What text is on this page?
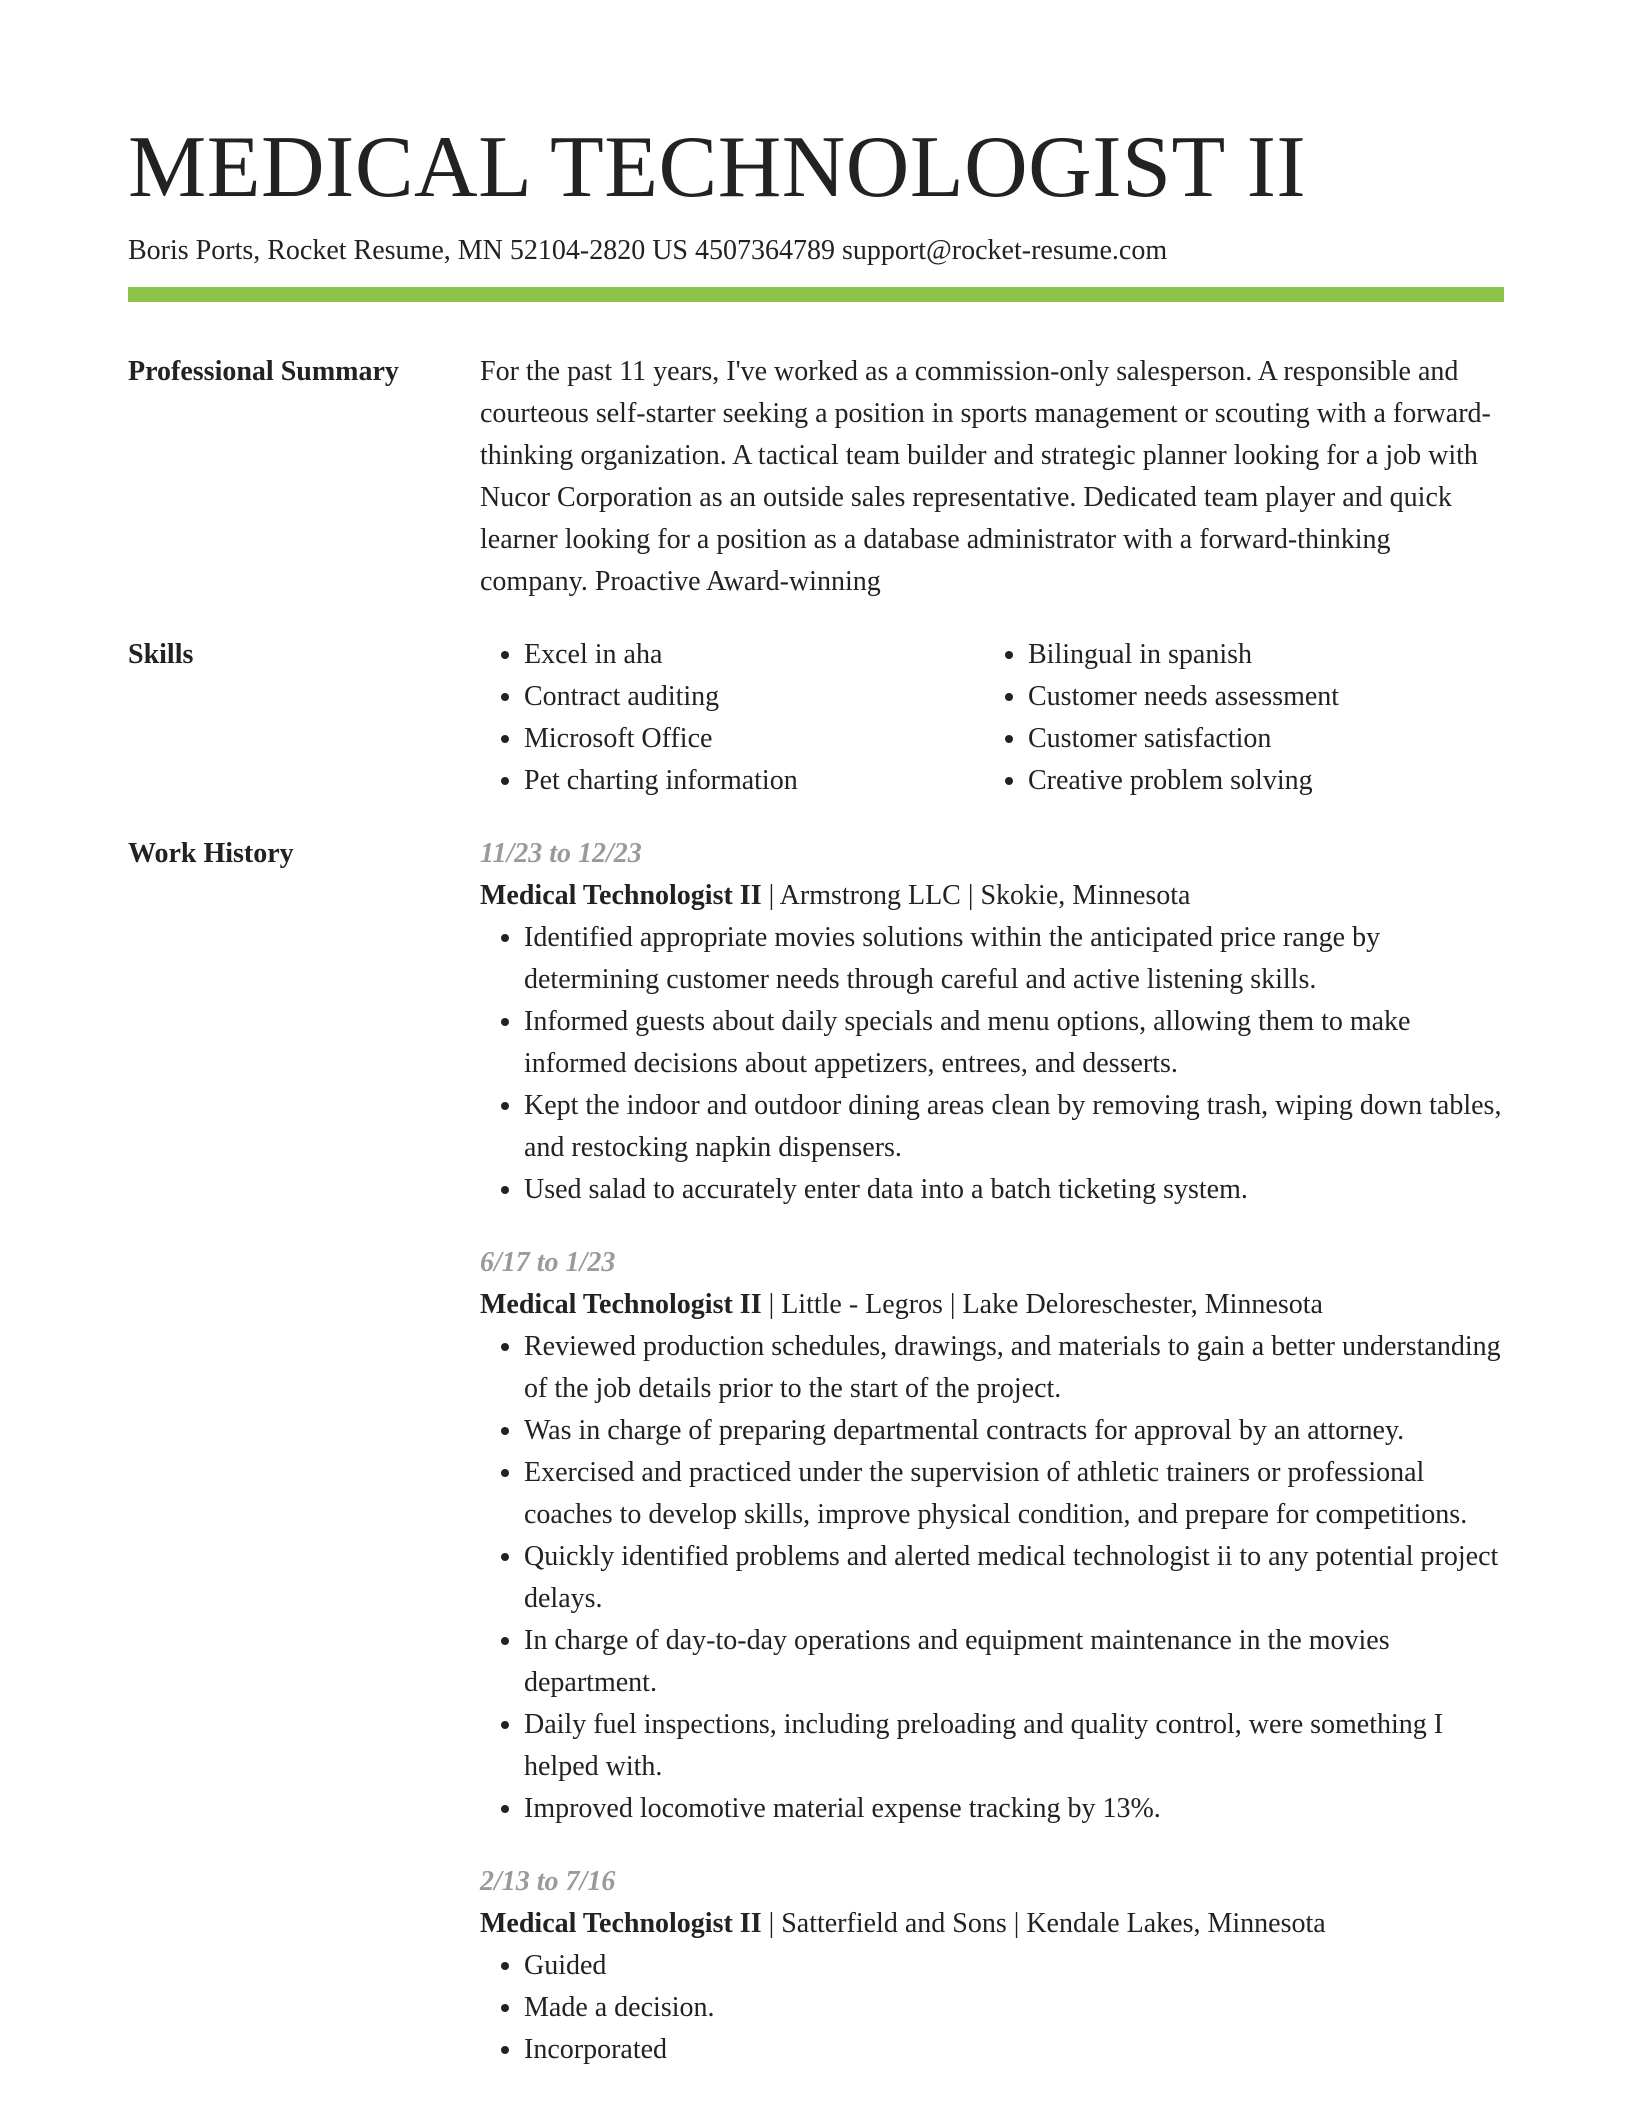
MEDICAL TECHNOLOGIST II
Boris Ports, Rocket Resume, MN 52104-2820 US 4507364789 support@rocket-resume.com
Professional Summary	For the past 11 years, I've worked as a commission-only salesperson. A responsible and courteous self-starter seeking a position in sports management or scouting with a forward-thinking organization. A tactical team builder and strategic planner looking for a job with Nucor Corporation as an outside sales representative. Dedicated team player and quick learner looking for a position as a database administrator with a forward-thinking company. Proactive Award-winning
Skills
•	Excel in aha
• Contract auditing
• Microsoft Office
• Pet charting information
• Bilingual in spanish
• Customer needs assessment
• Customer satisfaction
• Creative problem solving
Work History	11/23 to 12/23
Medical Technologist II | Armstrong LLC | Skokie, Minnesota
• Identified appropriate movies solutions within the anticipated price range by determining customer needs through careful and active listening skills.
• Informed guests about daily specials and menu options, allowing them to make informed decisions about appetizers, entrees, and desserts.
• Kept the indoor and outdoor dining areas clean by removing trash, wiping down tables, and restocking napkin dispensers.
• Used salad to accurately enter data into a batch ticketing system.
6/17 to 1/23
Medical Technologist II | Little - Legros | Lake Deloreschester, Minnesota
• Reviewed production schedules, drawings, and materials to gain a better understanding of the job details prior to the start of the project.
• Was in charge of preparing departmental contracts for approval by an attorney.
• Exercised and practiced under the supervision of athletic trainers or professional coaches to develop skills, improve physical condition, and prepare for competitions.
• Quickly identified problems and alerted medical technologist ii to any potential project delays.
• In charge of day-to-day operations and equipment maintenance in the movies department.
• Daily fuel inspections, including preloading and quality control, were something I helped with.
• Improved locomotive material expense tracking by 13%.
2/13 to 7/16
Medical Technologist II | Satterfield and Sons | Kendale Lakes, Minnesota
• Guided
• Made a decision.
• Incorporated
